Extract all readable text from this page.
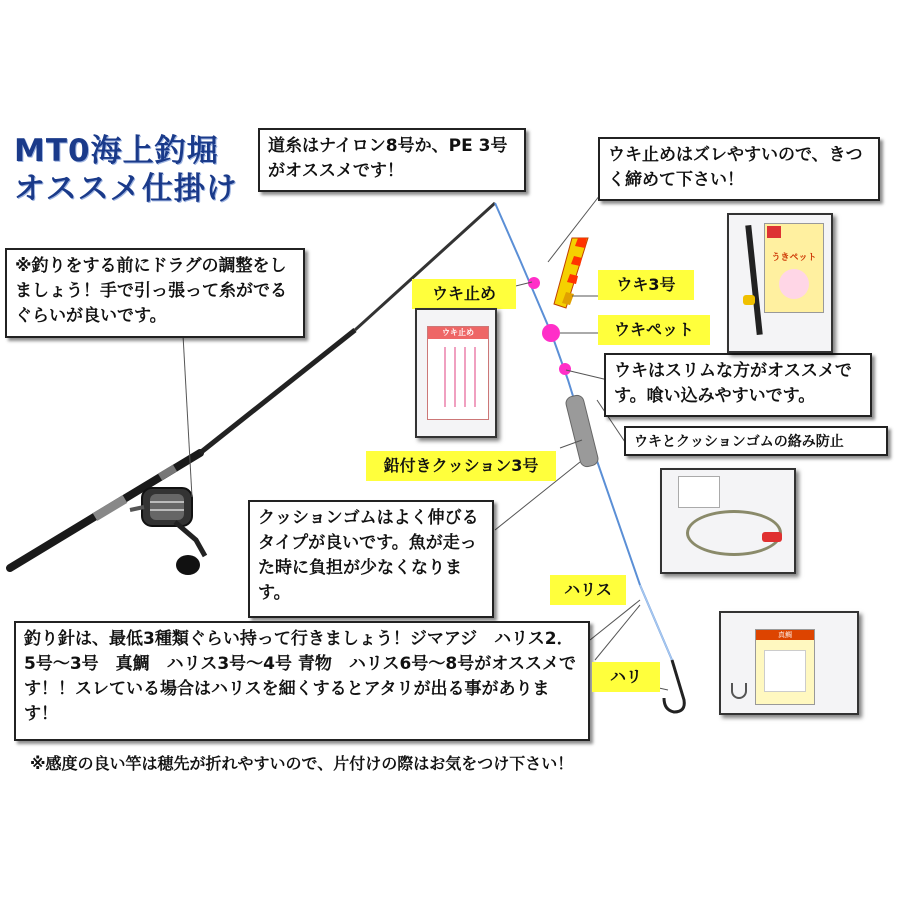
MT0海上釣堀
オススメ仕掛け
道糸はナイロン8号か、PE 3号がオススメです！
ウキ止めはズレやすいので、きつく締めて下さい！
※釣りをする前にドラグの調整をしましょう！手で引っ張って糸がでるぐらいが良いです。
ウキはスリムな方がオススメです。喰い込みやすいです。
ウキとクッションゴムの絡み防止
クッションゴムはよく伸びるタイプが良いです。魚が走った時に負担が少なくなります。
釣り針は、最低3種類ぐらい持って行きましょう！ジマアジ　ハリス2．5号～3号　真鯛　ハリス3号～4号 青物　ハリス6号～8号がオススメです！！スレている場合はハリスを細くするとアタリが出る事があります！
※感度の良い竿は穂先が折れやすいので、片付けの際はお気をつけ下さい！
ウキ止め	ウキ3号
ウキペット
鉛付きクッション3号
ハリス
ハリ
ウキ止め
うきペット
真鯛
